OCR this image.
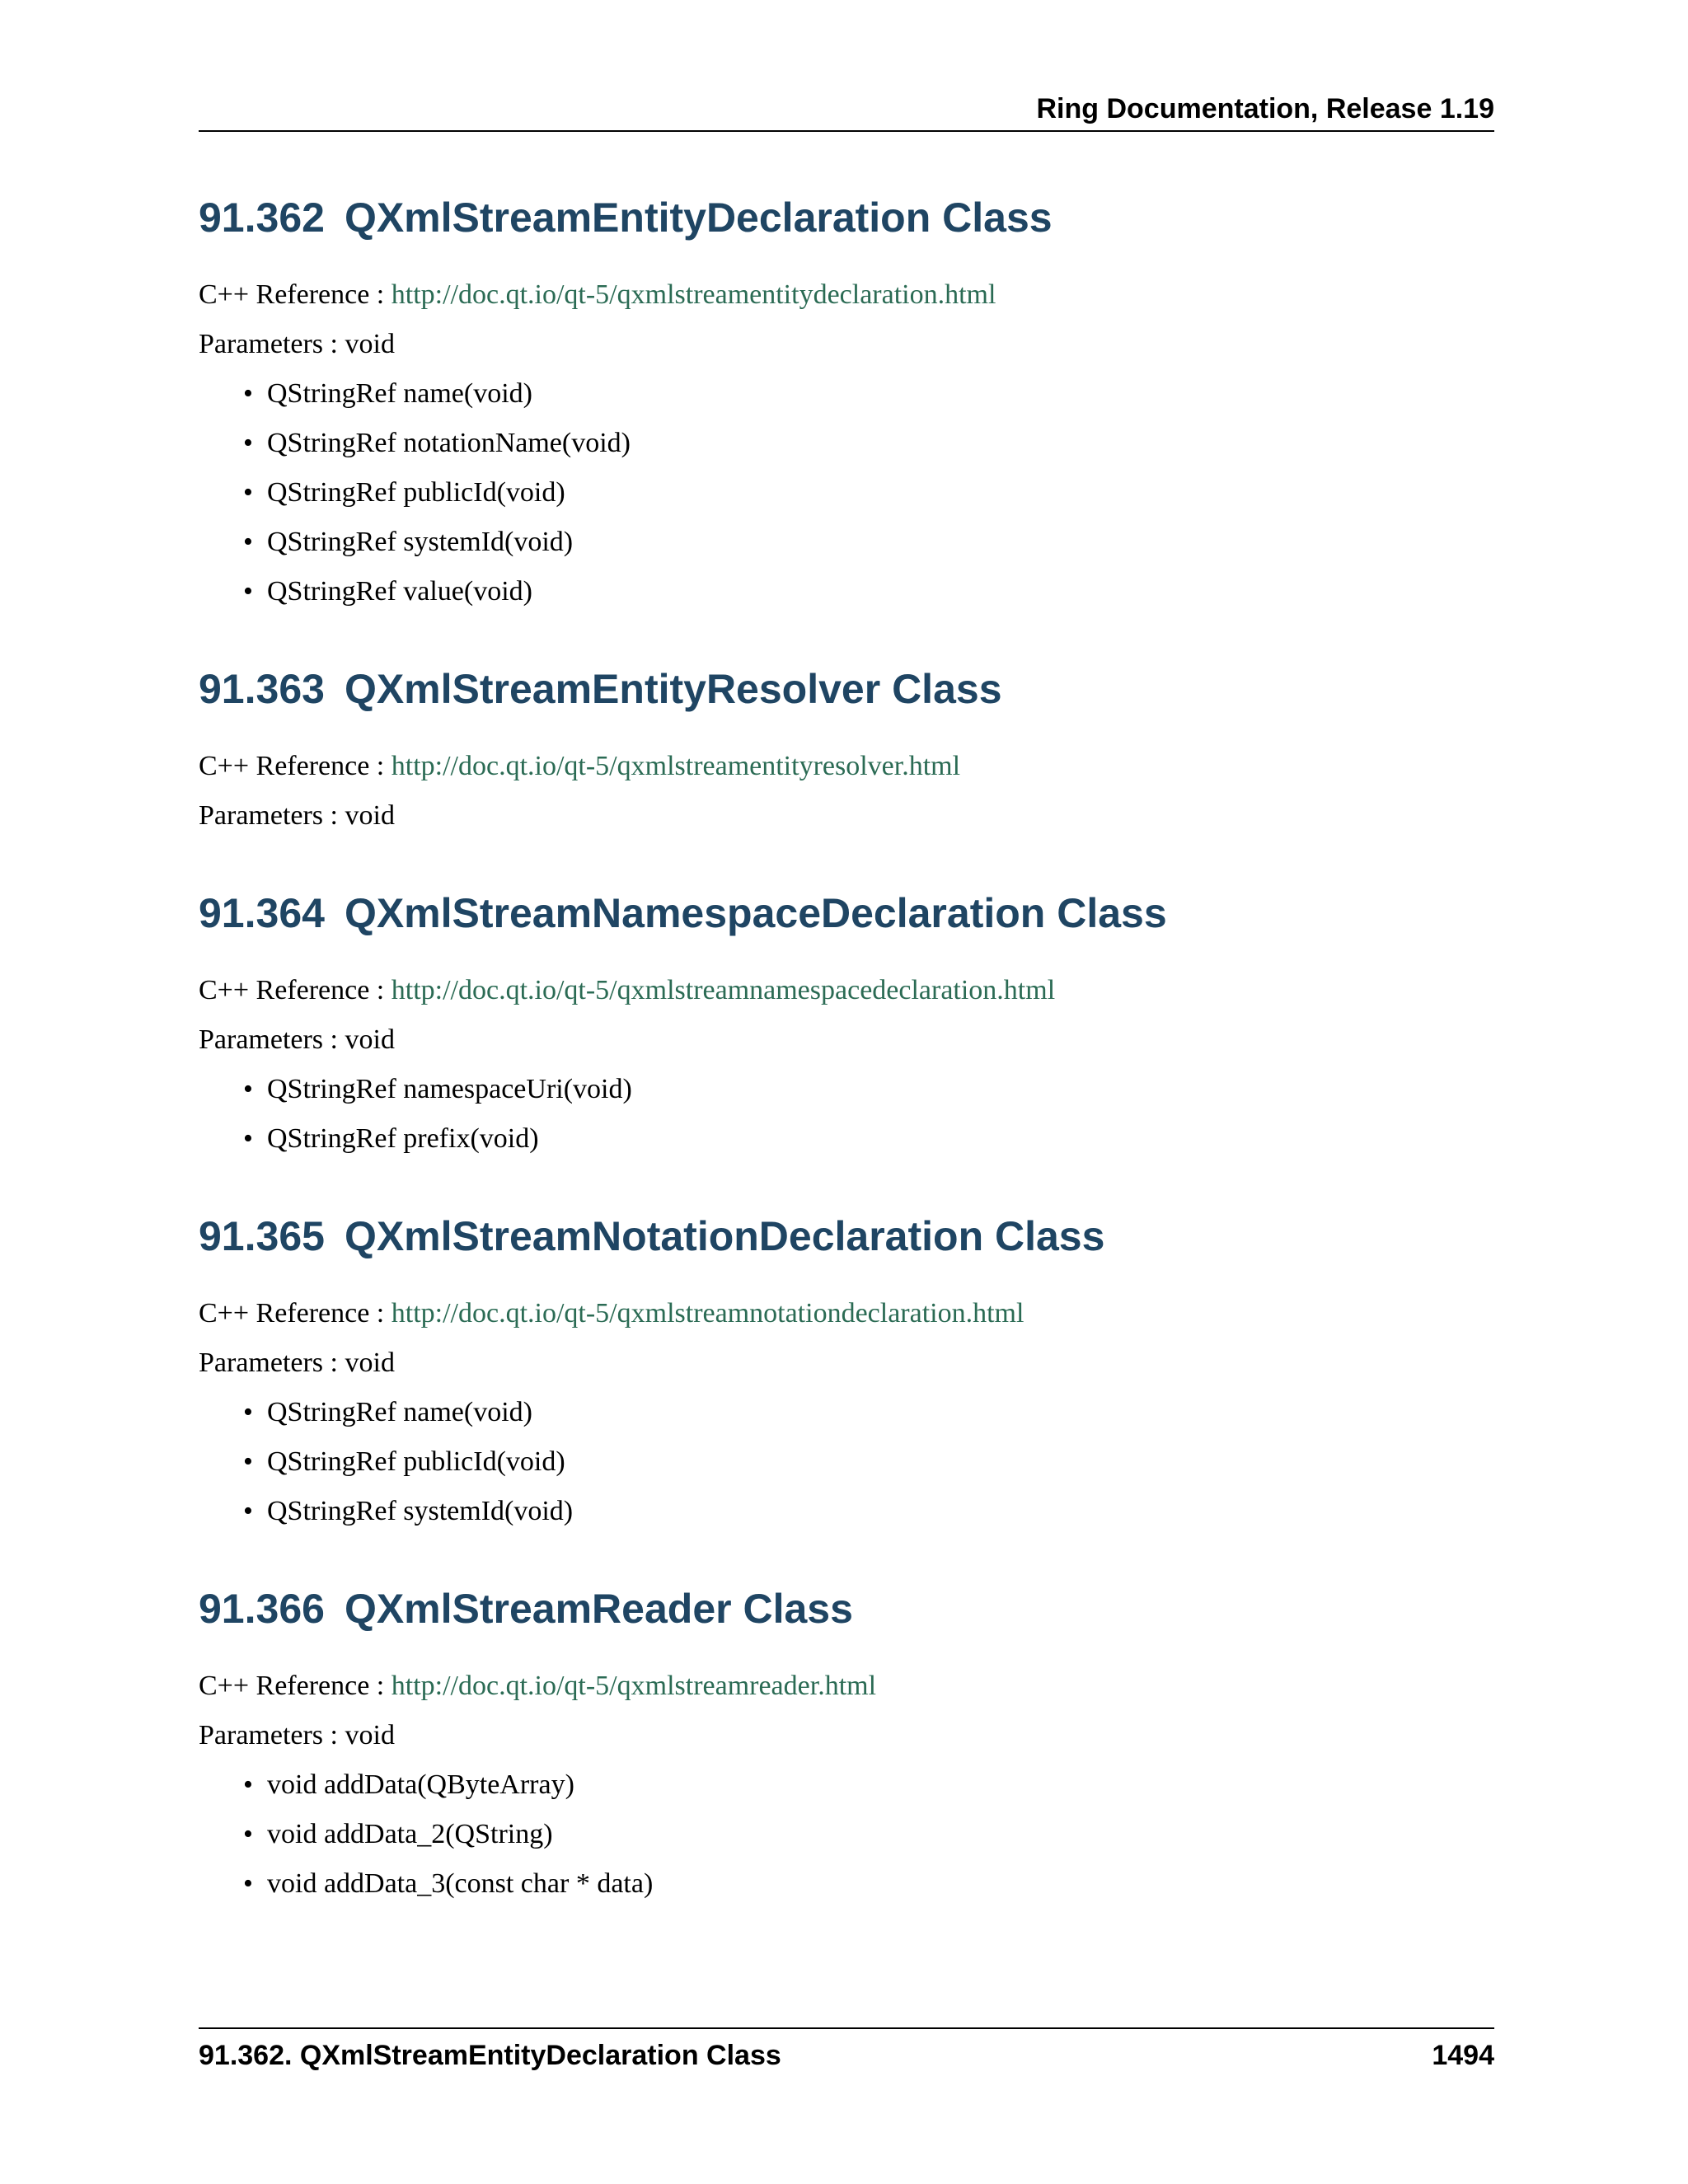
Ring Documentation, Release 1.19
91.362 QXmlStreamEntityDeclaration Class
C++ Reference : http://doc.qt.io/qt-5/qxmlstreamentitydeclaration.html
Parameters : void
• QStringRef name(void)
• QStringRef notationName(void)
• QStringRef publicId(void)
• QStringRef systemId(void)
• QStringRef value(void)
91.363 QXmlStreamEntityResolver Class
C++ Reference : http://doc.qt.io/qt-5/qxmlstreamentityresolver.html
Parameters : void
91.364 QXmlStreamNamespaceDeclaration Class
C++ Reference : http://doc.qt.io/qt-5/qxmlstreamnamespacedeclaration.html
Parameters : void
• QStringRef namespaceUri(void)
• QStringRef prefix(void)
91.365 QXmlStreamNotationDeclaration Class
C++ Reference : http://doc.qt.io/qt-5/qxmlstreamnotationdeclaration.html
Parameters : void
• QStringRef name(void)
• QStringRef publicId(void)
• QStringRef systemId(void)
91.366 QXmlStreamReader Class
C++ Reference : http://doc.qt.io/qt-5/qxmlstreamreader.html
Parameters : void
• void addData(QByteArray)
• void addData_2(QString)
• void addData_3(const char * data)
91.362. QXmlStreamEntityDeclaration Class	1494
